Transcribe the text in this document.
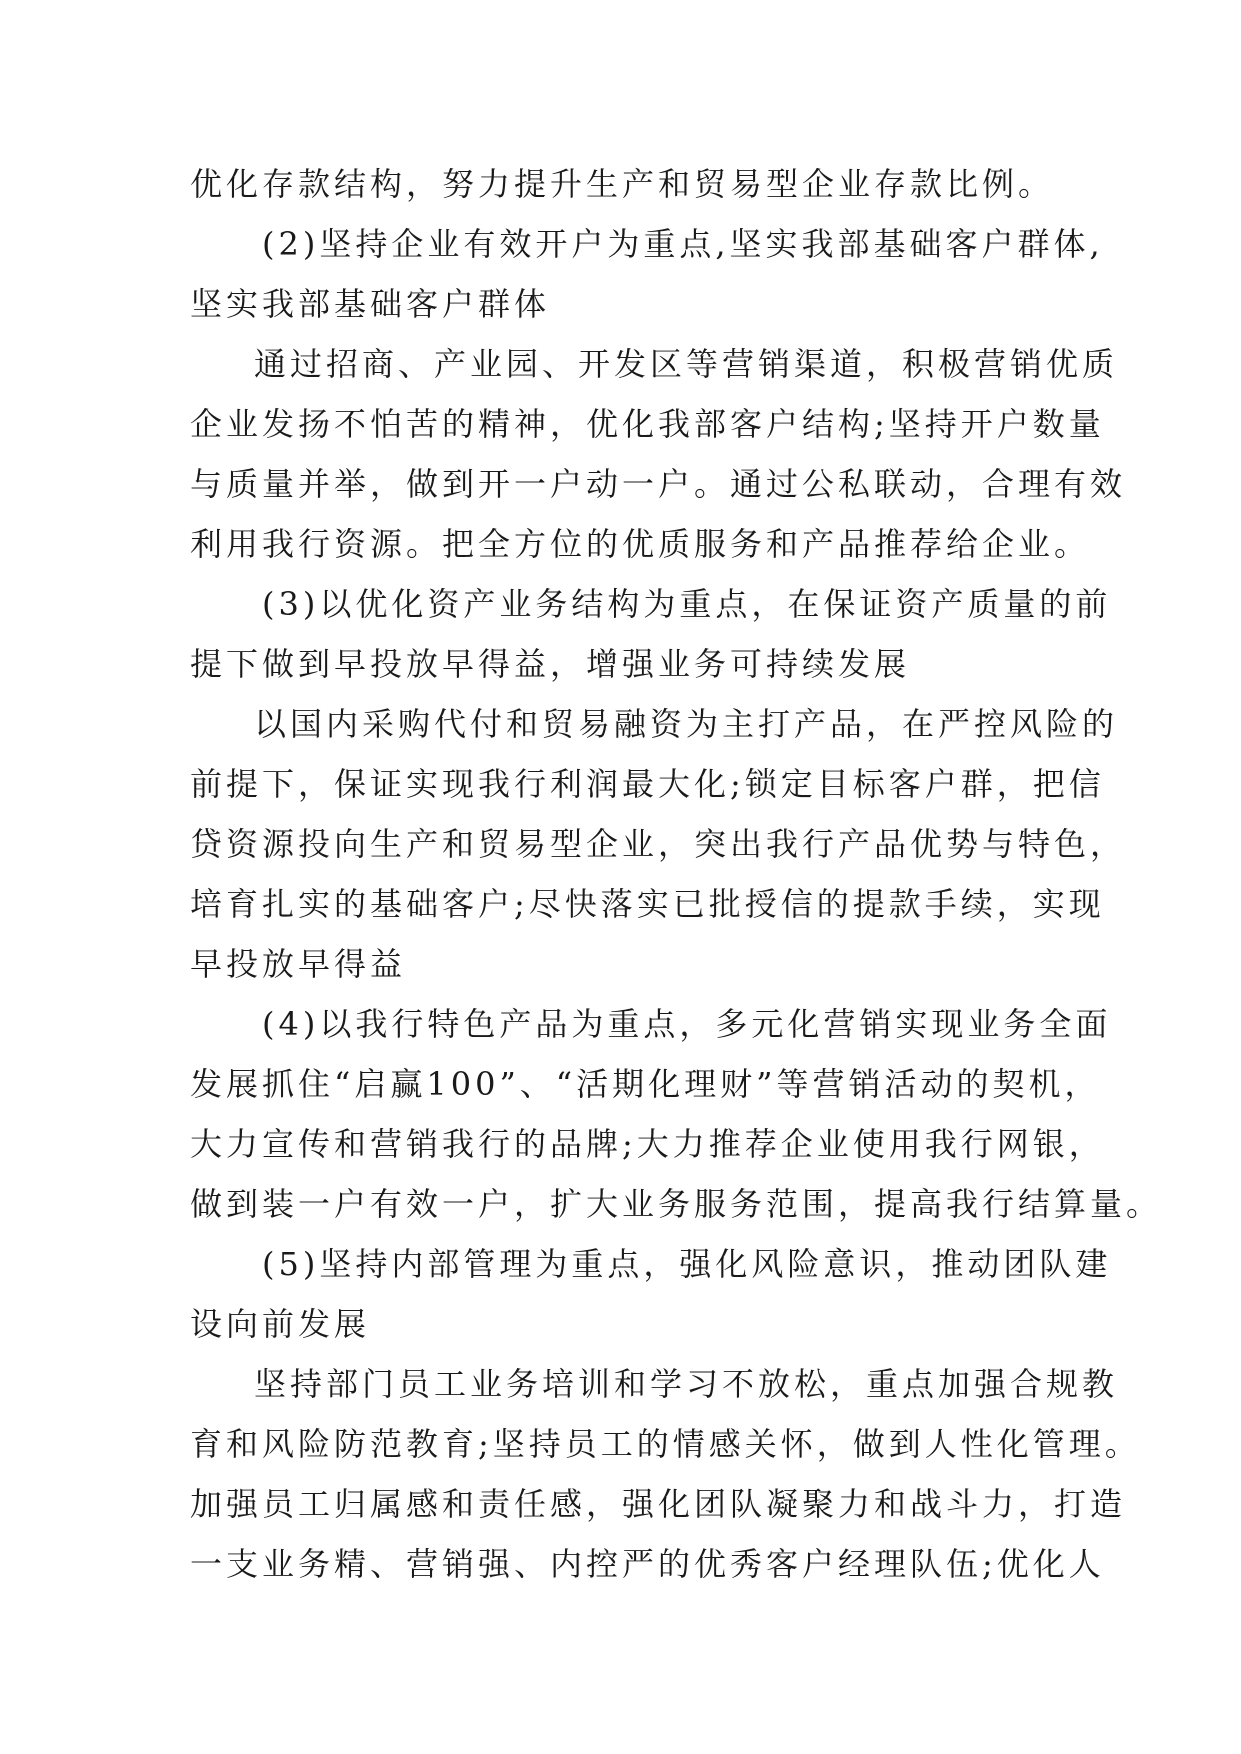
优化存款结构，努力提升生产和贸易型企业存款比例。
(2)坚持企业有效开户为重点,坚实我部基础客户群体,
坚实我部基础客户群体
通过招商、产业园、开发区等营销渠道，积极营销优质
企业发扬不怕苦的精神，优化我部客户结构;坚持开户数量
与质量并举，做到开一户动一户。通过公私联动，合理有效
利用我行资源。把全方位的优质服务和产品推荐给企业。
(3)以优化资产业务结构为重点，在保证资产质量的前
提下做到早投放早得益，增强业务可持续发展
以国内采购代付和贸易融资为主打产品，在严控风险的
前提下，保证实现我行利润最大化;锁定目标客户群，把信
贷资源投向生产和贸易型企业，突出我行产品优势与特色，
培育扎实的基础客户;尽快落实已批授信的提款手续，实现
早投放早得益
(4)以我行特色产品为重点，多元化营销实现业务全面
发展抓住“启赢100”、“活期化理财”等营销活动的契机，
大力宣传和营销我行的品牌;大力推荐企业使用我行网银，
做到装一户有效一户，扩大业务服务范围，提高我行结算量。
(5)坚持内部管理为重点，强化风险意识，推动团队建
设向前发展
坚持部门员工业务培训和学习不放松，重点加强合规教
育和风险防范教育;坚持员工的情感关怀，做到人性化管理。
加强员工归属感和责任感，强化团队凝聚力和战斗力，打造
一支业务精、营销强、内控严的优秀客户经理队伍;优化人
